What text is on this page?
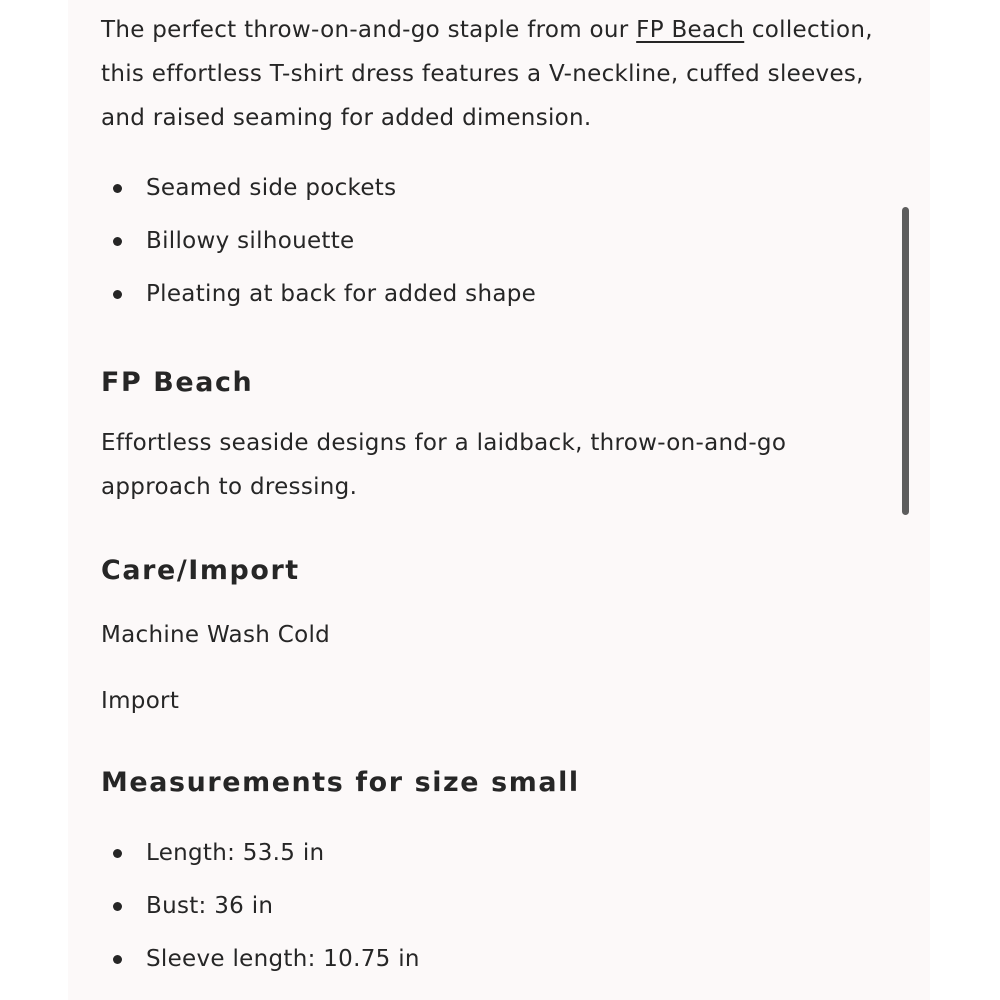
The perfect throw-on-and-go staple from our FP Beach collection, this effortless T-shirt dress features a V-neckline, cuffed sleeves, and raised seaming for added dimension.

Seamed side pockets
Billowy silhouette
Pleating at back for added shape
FP Beach

Effortless seaside designs for a laidback, throw-on-and-go approach to dressing.

Care/Import

Machine Wash Cold

Import

Measurements for size small
Length: 53.5 in
Bust: 36 in
Sleeve length: 10.75 in
